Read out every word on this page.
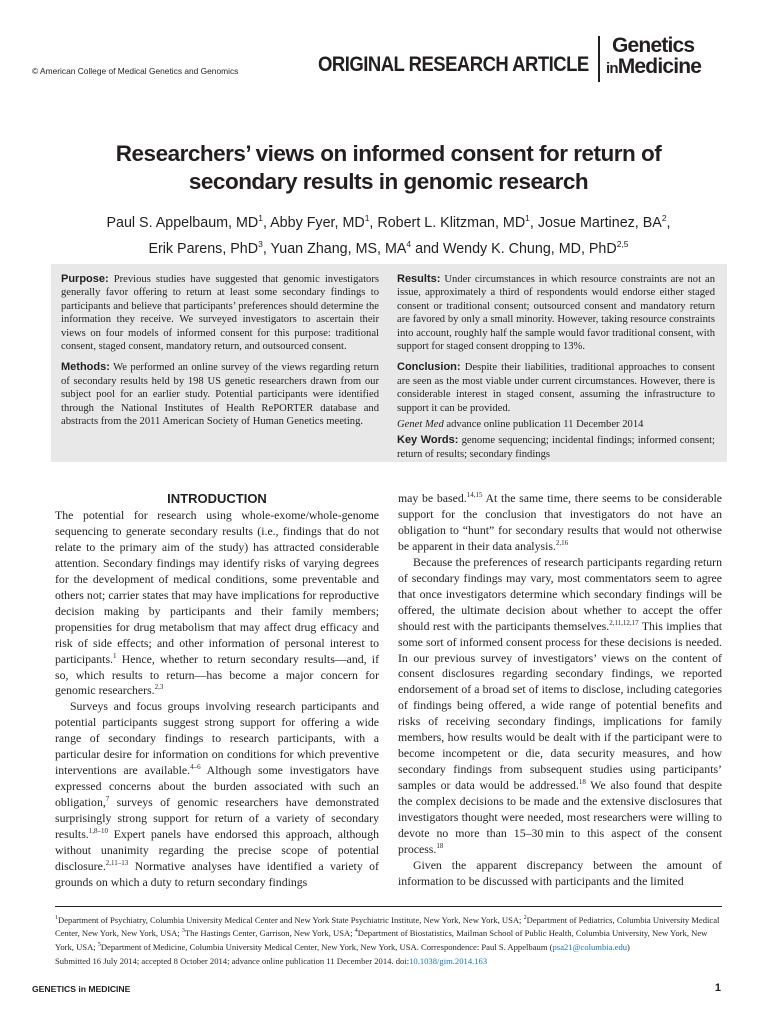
© American College of Medical Genetics and Genomics	ORIGINAL RESEARCH ARTICLE
Genetics
inMedicine
Researchers’ views on informed consent for return of secondary results in genomic research
Paul S. Appelbaum, $MD^1$, Abby Fyer, $MD^1$, Robert L. Klitzman, $MD^1$, Josue Martinez, $BA^2$,
Erik Parens, PhD$^3$, Yuan Zhang, MS, $MA^4$ and Wendy K. Chung, MD, PhD$^{2,5}$

Purpose: Previous studies have suggested that genomic investigators generally favor offering to return at least some secondary findings to participants and believe that participants’ preferences should determine the information they receive. We surveyed investigators to ascertain their views on four models of informed consent for this purpose: traditional consent, staged consent, mandatory return, and outsourced consent.

Methods: We performed an online survey of the views regarding return of secondary results held by 198 US genetic researchers drawn from our subject pool for an earlier study. Potential participants were identified through the National Institutes of Health RePORTER database and abstracts from the 2011 American Society of Human Genetics meeting.

Results: Under circumstances in which resource constraints are not an issue, approximately a third of respondents would endorse either staged consent or traditional consent; outsourced consent and mandatory return are favored by only a small minority. However, taking resource constraints into account, roughly half the sample would favor traditional consent, with support for staged consent dropping to 13%.

Conclusion: Despite their liabilities, traditional approaches to consent are seen as the most viable under current circumstances. However, there is considerable interest in staged consent, assuming the infrastructure to support it can be provided.

Genet Med advance online publication 11 December 2014

Key Words: genome sequencing; incidental findings; informed consent; return of results; secondary findings

INTRODUCTION

The potential for research using whole-exome/whole-genome sequencing to generate secondary results (i.e., findings that do not relate to the primary aim of the study) has attracted considerable attention. Secondary findings may identify risks of varying degrees for the development of medical conditions, some preventable and others not; carrier states that may have implications for reproductive decision making by participants and their family members; propensities for drug metabolism that may affect drug efficacy and risk of side effects; and other information of personal interest to participants.$^1$ Hence, whether to return secondary results—and, if so, which results to return—has become a major concern for genomic researchers.$^{2,3}$

Surveys and focus groups involving research participants and potential participants suggest strong support for offering a wide range of secondary findings to research participants, with a particular desire for information on conditions for which preventive interventions are available.$^{4-6}$ Although some investigators have expressed concerns about the burden associated with such an obligation,$^7$ surveys of genomic researchers have demonstrated surprisingly strong support for return of a variety of secondary results.$^{1,8-10}$ Expert panels have endorsed this approach, although without unanimity regarding the precise scope of potential disclosure.$^{2,11-13}$ Normative analyses have identified a variety of grounds on which a duty to return secondary findings

may be based.$^{14,15}$ At the same time, there seems to be considerable support for the conclusion that investigators do not have an obligation to “hunt” for secondary results that would not otherwise be apparent in their data analysis.$^{2,16}$

Because the preferences of research participants regarding return of secondary findings may vary, most commentators seem to agree that once investigators determine which secondary findings will be offered, the ultimate decision about whether to accept the offer should rest with the participants themselves.$^{2,11,12,17}$ This implies that some sort of informed consent process for these decisions is needed. In our previous survey of investigators’ views on the content of consent disclosures regarding secondary findings, we reported endorsement of a broad set of items to disclose, including categories of findings being offered, a wide range of potential benefits and risks of receiving secondary findings, implications for family members, how results would be dealt with if the participant were to become incompetent or die, data security measures, and how secondary findings from subsequent studies using participants’ samples or data would be addressed.$^{18}$ We also found that despite the complex decisions to be made and the extensive disclosures that investigators thought were needed, most researchers were willing to devote no more than 15–30 min to this aspect of the consent process.$^{18}$

Given the apparent discrepancy between the amount of information to be discussed with participants and the limited

$^1$Department of Psychiatry, Columbia University Medical Center and New York State Psychiatric Institute, New York, New York, USA; $^2$Department of Pediatrics, Columbia University Medical Center, New York, New York, USA; $^3$The Hastings Center, Garrison, New York, USA; $^4$Department of Biostatistics, Mailman School of Public Health, Columbia University, New York, New York, USA; $^5$Department of Medicine, Columbia University Medical Center, New York, New York, USA. Correspondence: Paul S. Appelbaum (psa21@columbia.edu)
Submitted 16 July 2014; accepted 8 October 2014; advance online publication 11 December 2014. doi:10.1038/gim.2014.163
GENETICS in MEDICINE	1
